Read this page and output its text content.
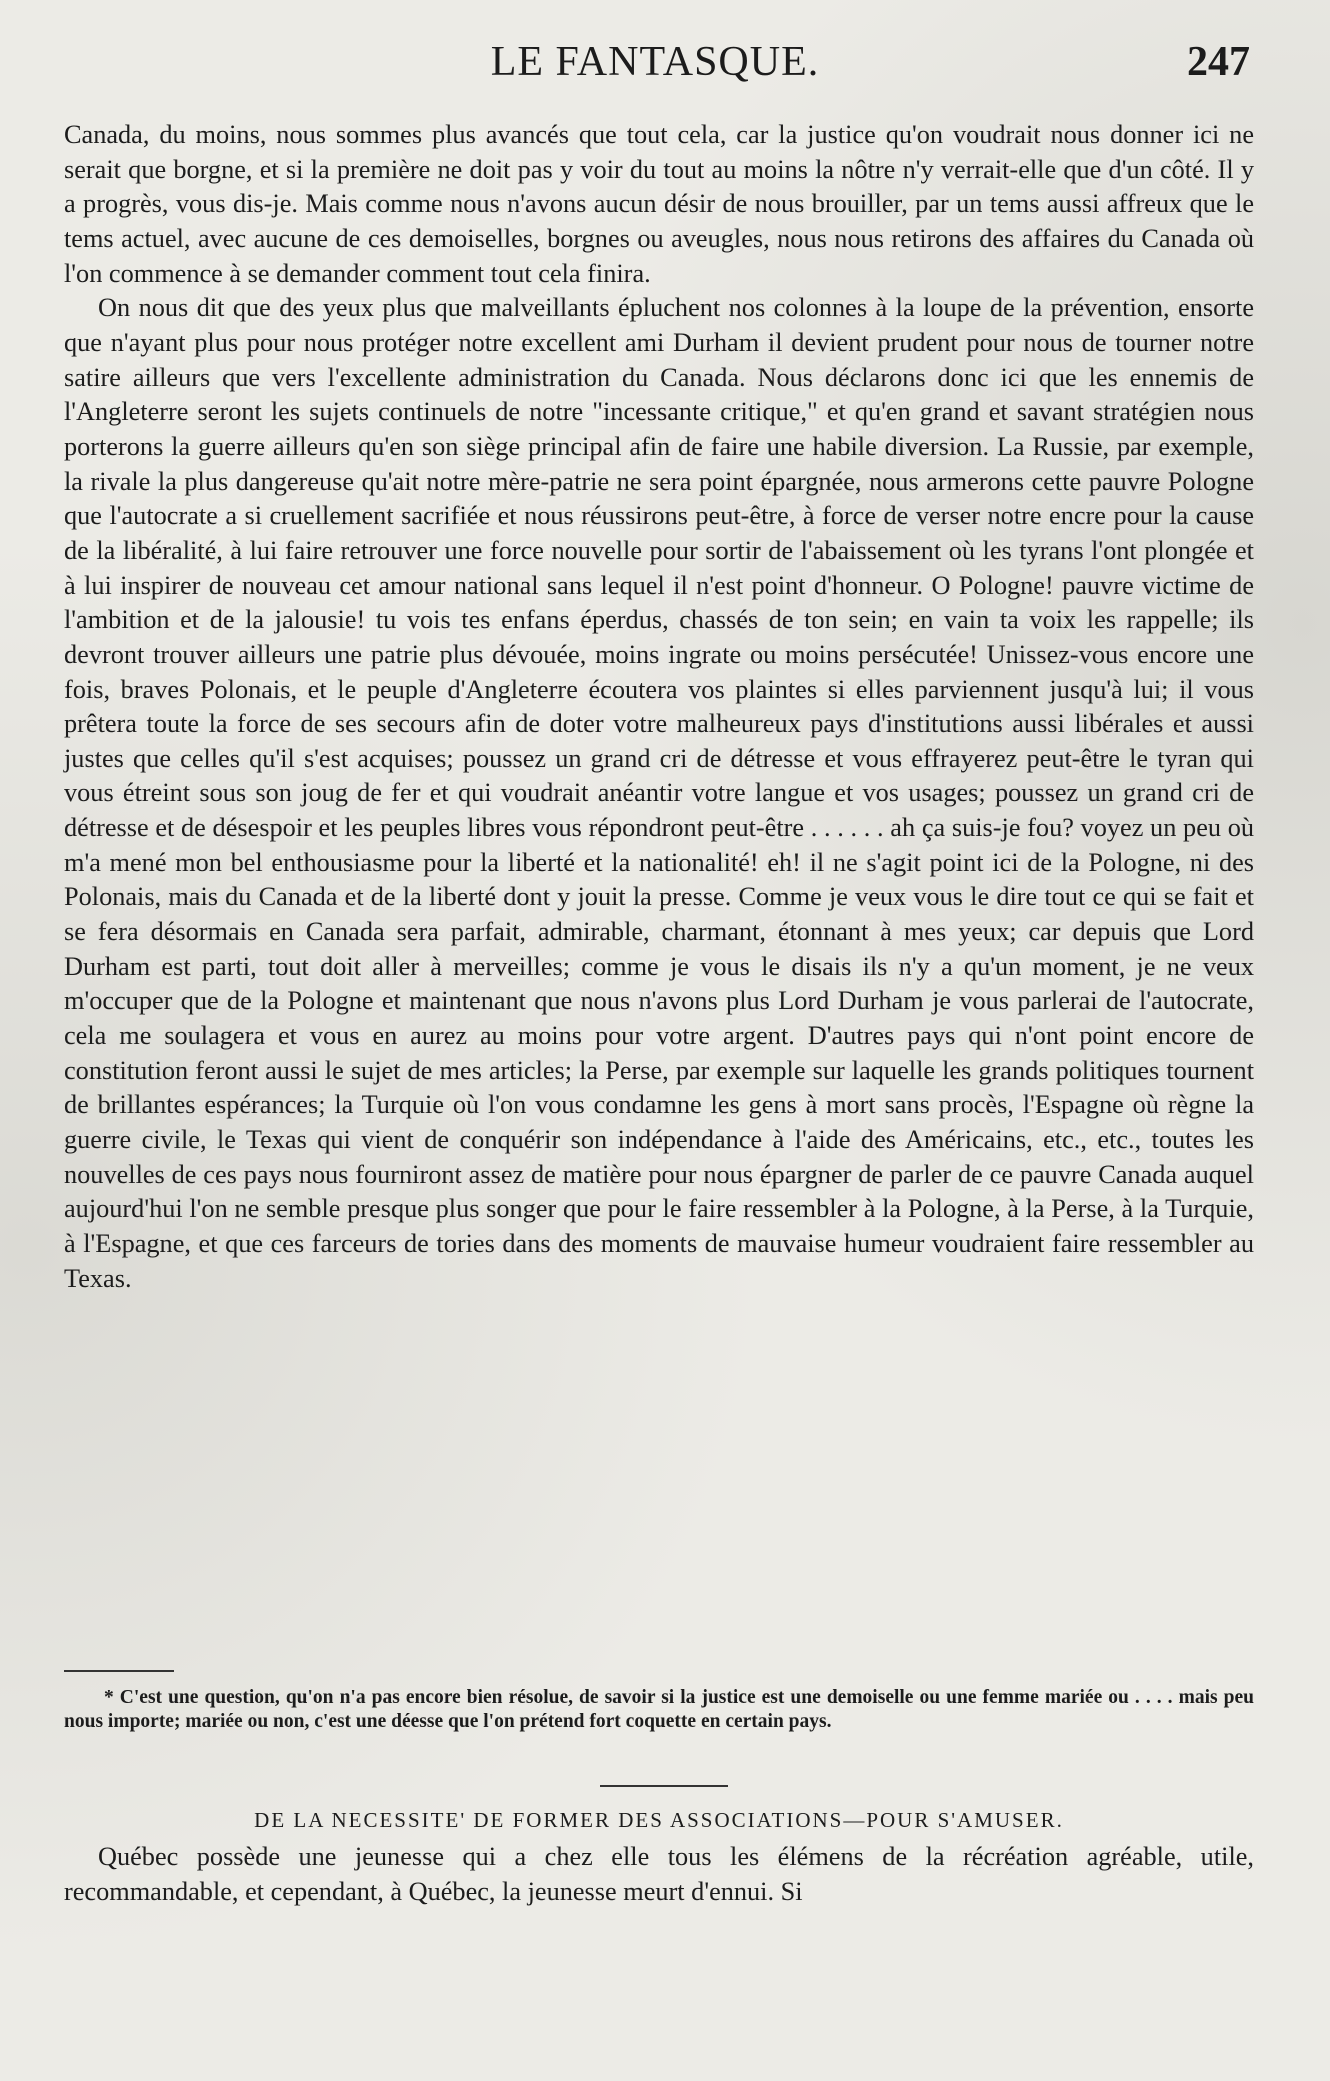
LE FANTASQUE.	247

Canada, du moins, nous sommes plus avancés que tout cela, car la justice qu'on voudrait nous donner ici ne serait que borgne, et si la première ne doit pas y voir du tout au moins la nôtre n'y verrait-elle que d'un côté. Il y a progrès, vous dis-je. Mais comme nous n'avons aucun désir de nous brouiller, par un tems aussi affreux que le tems actuel, avec aucune de ces demoiselles, borgnes ou aveugles, nous nous retirons des affaires du Canada où l'on commence à se demander comment tout cela finira.

On nous dit que des yeux plus que malveillants épluchent nos colonnes à la loupe de la prévention, ensorte que n'ayant plus pour nous protéger notre excellent ami Durham il devient prudent pour nous de tourner notre satire ailleurs que vers l'excellente administration du Canada. Nous déclarons donc ici que les ennemis de l'Angleterre seront les sujets continuels de notre "incessante critique," et qu'en grand et savant stratégien nous porterons la guerre ailleurs qu'en son siège principal afin de faire une habile diversion. La Russie, par exemple, la rivale la plus dangereuse qu'ait notre mère-patrie ne sera point épargnée, nous armerons cette pauvre Pologne que l'autocrate a si cruellement sacrifiée et nous réussirons peut-être, à force de verser notre encre pour la cause de la libéralité, à lui faire retrouver une force nouvelle pour sortir de l'abaissement où les tyrans l'ont plongée et à lui inspirer de nouveau cet amour national sans lequel il n'est point d'honneur. O Pologne! pauvre victime de l'ambition et de la jalousie! tu vois tes enfans éperdus, chassés de ton sein; en vain ta voix les rappelle; ils devront trouver ailleurs une patrie plus dévouée, moins ingrate ou moins persécutée! Unissez-vous encore une fois, braves Polonais, et le peuple d'Angleterre écoutera vos plaintes si elles parviennent jusqu'à lui; il vous prêtera toute la force de ses secours afin de doter votre malheureux pays d'institutions aussi libérales et aussi justes que celles qu'il s'est acquises; poussez un grand cri de détresse et vous effrayerez peut-être le tyran qui vous étreint sous son joug de fer et qui voudrait anéantir votre langue et vos usages; poussez un grand cri de détresse et de désespoir et les peuples libres vous répondront peut-être . . . . . . ah ça suis-je fou? voyez un peu où m'a mené mon bel enthousiasme pour la liberté et la nationalité! eh! il ne s'agit point ici de la Pologne, ni des Polonais, mais du Canada et de la liberté dont y jouit la presse. Comme je veux vous le dire tout ce qui se fait et se fera désormais en Canada sera parfait, admirable, charmant, étonnant à mes yeux; car depuis que Lord Durham est parti, tout doit aller à merveilles; comme je vous le disais ils n'y a qu'un moment, je ne veux m'occuper que de la Pologne et maintenant que nous n'avons plus Lord Durham je vous parlerai de l'autocrate, cela me soulagera et vous en aurez au moins pour votre argent. D'autres pays qui n'ont point encore de constitution feront aussi le sujet de mes articles; la Perse, par exemple sur laquelle les grands politiques tournent de brillantes espérances; la Turquie où l'on vous condamne les gens à mort sans procès, l'Espagne où règne la guerre civile, le Texas qui vient de conquérir son indépendance à l'aide des Américains, etc., etc., toutes les nouvelles de ces pays nous fourniront assez de matière pour nous épargner de parler de ce pauvre Canada auquel aujourd'hui l'on ne semble presque plus songer que pour le faire ressembler à la Pologne, à la Perse, à la Turquie, à l'Espagne, et que ces farceurs de tories dans des moments de mauvaise humeur voudraient faire ressembler au Texas.

* C'est une question, qu'on n'a pas encore bien résolue, de savoir si la justice est une demoiselle ou une femme mariée ou . . . . mais peu nous importe; mariée ou non, c'est une déesse que l'on prétend fort coquette en certain pays.

DE LA NECESSITE' DE FORMER DES ASSOCIATIONS—POUR S'AMUSER.

Québec possède une jeunesse qui a chez elle tous les élémens de la récréation agréable, utile, recommandable, et cependant, à Québec, la jeunesse meurt d'ennui. Si
